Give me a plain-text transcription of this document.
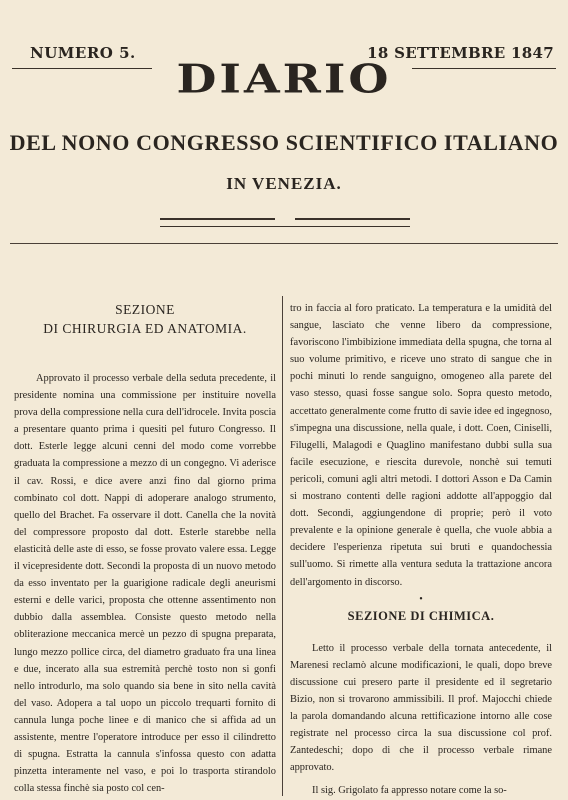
NUMERO 5.	18 SETTEMBRE 1847
DIARIO
DEL NONO CONGRESSO SCIENTIFICO ITALIANO
IN VENEZIA.
SEZIONE
DI CHIRURGIA ED ANATOMIA.

Approvato il processo verbale della seduta precedente, il presidente nomina una commissione per instituire novella prova della compressione nella cura dell'idrocele. Invita poscia a presentare quanto prima i quesiti pel futuro Congresso. Il dott. Esterle legge alcuni cenni del modo come vorrebbe graduata la compressione a mezzo di un congegno. Vi aderisce il cav. Rossi, e dice avere anzi fino dal giorno prima combinato col dott. Nappi di adoperare analogo strumento, quello del Brachet. Fa osservare il dott. Canella che la novità del compressore proposto dal dott. Esterle starebbe nella elasticità delle aste di esso, se fosse provato valere essa. Legge il vicepresidente dott. Secondi la proposta di un nuovo metodo da esso inventato per la guarigione radicale degli aneurismi esterni e delle varici, proposta che ottenne assentimento non dubbio dalla assemblea. Consiste questo metodo nella obliterazione meccanica mercè un pezzo di spugna preparata, lungo mezzo pollice circa, del diametro graduato fra una linea e due, incerato alla sua estremità perchè tosto non si gonfi nello introdurlo, ma solo quando sia bene in sito nella cavità del vaso. Adopera a tal uopo un piccolo trequarti fornito di cannula lunga poche linee e di manico che si affida ad un assistente, mentre l'operatore introduce per esso il cilindretto di spugna. Estratta la cannula s'infossa questo con adatta pinzetta interamente nel vaso, e poi lo trasporta stirandolo colla stessa finchè sia posto col cen-

tro in faccia al foro praticato. La temperatura e la umidità del sangue, lasciato che venne libero da compressione, favoriscono l'imbibizione immediata della spugna, che torna al suo volume primitivo, e riceve uno strato di sangue che in pochi minuti lo rende sanguigno, omogeneo alla parete del vaso stesso, quasi fosse sangue solo. Sopra questo metodo, accettato generalmente come frutto di savie idee ed ingegnoso, s'impegna una discussione, nella quale, i dott. Coen, Ciniselli, Filugelli, Malagodi e Quaglino manifestano dubbi sulla sua facile esecuzione, e riescita durevole, nonchè sui temuti pericoli, comuni agli altri metodi. I dottori Asson e Da Camin si mostrano contenti delle ragioni addotte all'appoggio dal dott. Secondi, aggiungendone di proprie; però il voto prevalente e la opinione generale è quella, che vuole abbia a decidere l'esperienza ripetuta sui bruti e quandochessia sull'uomo. Si rimette alla ventura seduta la trattazione ancora dell'argomento in discorso.

•
SEZIONE DI CHIMICA.

Letto il processo verbale della tornata antecedente, il Marenesi reclamò alcune modificazioni, le quali, dopo breve discussione cui presero parte il presidente ed il segretario Bizio, non si trovarono ammissibili. Il prof. Majocchi chiede la parola domandando alcuna rettificazione intorno alle cose registrate nel processo circa la sua discussione col prof. Zantedeschi; dopo di che il processo verbale rimane approvato.

Il sig. Grigolato fa appresso notare come la so-
